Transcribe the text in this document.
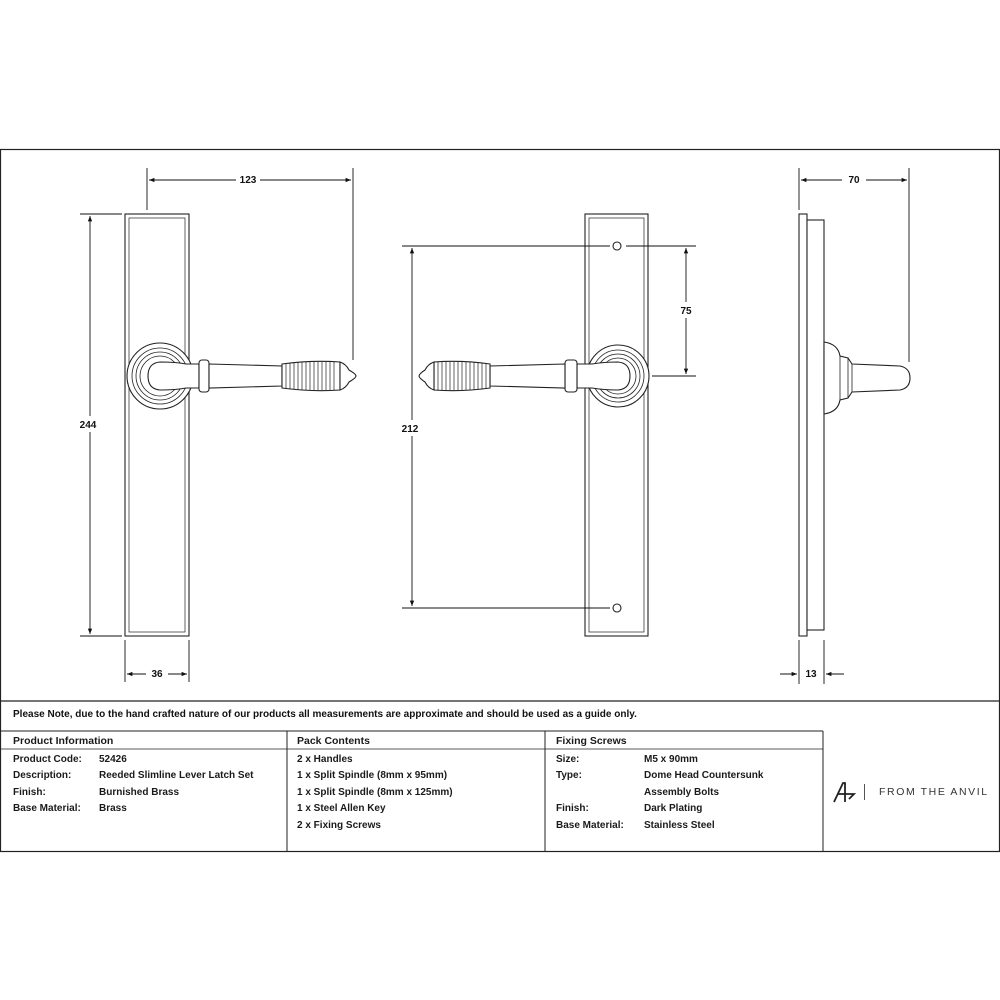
123
244
36
212
75
70
13
Please Note, due to the hand crafted nature of our products all measurements are approximate and should be used as a guide only.
Product Information
Product Code: 52426
Description:	Reeded Slimline Lever Latch Set
Finish:	Burnished Brass
Base Material: Brass
Pack Contents
2 x Handles
1 x Split Spindle (8mm x 95mm)
1 x Split Spindle (8mm x 125mm)
1 x Steel Allen Key
2 x Fixing Screws
Fixing Screws
Size:	M5 x 90mm
Type:	Dome Head Countersunk
Assembly Bolts
Finish:	Dark Plating
Base Material: Stainless Steel
FROM THE ANVIL
